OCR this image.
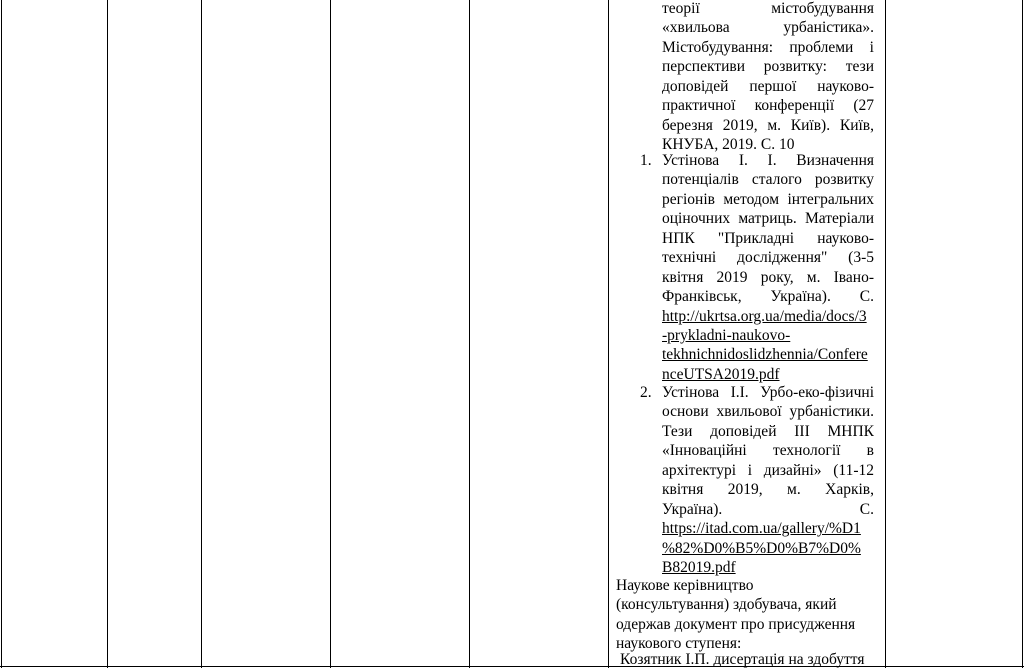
теорії містобудування
«хвильова урбаністика».
Містобудування: проблеми і
перспективи розвитку: тези
доповідей першої науково-
практичної конференції (27
березня 2019, м. Київ). Київ,
КНУБА, 2019. С. 10
1. Устінова І. І. Визначення
потенціалів сталого розвитку
регіонів методом інтегральних
оціночних матриць. Матеріали
НПК "Прикладні науково-
технічні дослідження" (3-5
квітня 2019 року, м. Івано-
Франківськ, Україна). С.
http://ukrtsa.org.ua/media/docs/3
-prykladni-naukovo-
tekhnichnidoslidzhennia/Confere
nceUTSA2019.pdf
2. Устінова І.І. Урбо-еко-фізичні
основи хвильової урбаністики.
Тези доповідей ІІІ МНПК
«Інноваційні технології в
архітектурі і дизайні» (11-12
квітня 2019, м. Харків,
Україна). С.
https://itad.com.ua/gallery/%D1
%82%D0%B5%D0%B7%D0%
B82019.pdf
Наукове керівництво
(консультування) здобувача, який
одержав документ про присудження
наукового ступеня:
Козятник І.П. дисертація на здобуття
